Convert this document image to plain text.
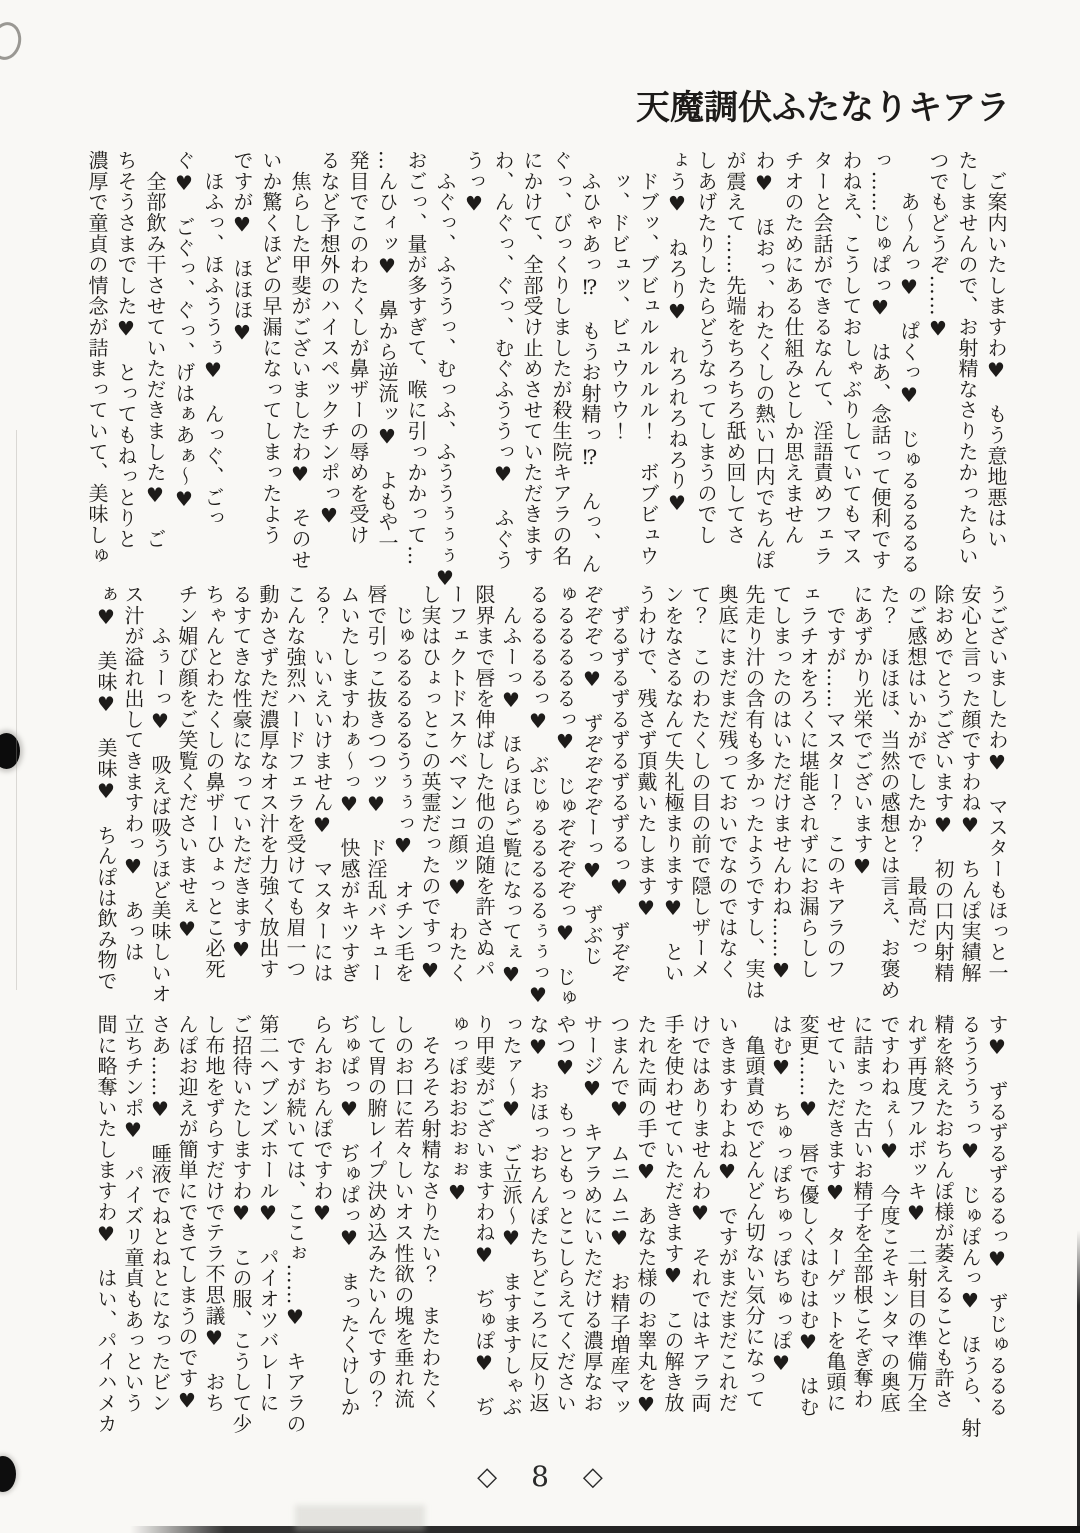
天魔調伏ふたなりキアラ
　ご案内いたしますわ♥　もう意地悪はい
たしませんので、お射精なさりたかったらい
つでもどうぞ……♥
　　あ〜んっ♥　ぱくっ♥　じゅるるるるる
っ……じゅぱっ♥　はあ、念話って便利です
わねえ、こうしておしゃぶりしていてもマス
ターと会話ができるなんて、淫語責めフェラ
チオのためにある仕組みとしか思えません
わ♥　ほおっ、わたくしの熱い口内でちんぽ
が震えて……先端をちろちろ舐め回してさ
しあげたりしたらどうなってしまうのでし
ょう♥　ねろり♥　れろれろねろり♥
　ドブッ、ブビュルルルルル！　ボブビュウ
　ッ、ドビュッ、ビュウウウ！
　ふひゃあっ⁉　もうお射精っ⁉　んっ、ん
ぐっ、びっくりしましたが殺生院キアラの名
にかけて、全部受け止めさせていただきます
わ、んぐっ、ぐっ、むぐふううっ♥　ふぐう
うっ♥
　ふぐっ、ふううっ、むっふ、ふううぅぅぅ♥
おごっ、量が多すぎて、喉に引っかかって…
…んひィッ♥　鼻から逆流ッ♥　よもや一
発目でこのわたくしが鼻ザーの辱めを受け
るなど予想外のハイスペックチンポっ♥
　焦らした甲斐がございましたわ♥　そのせ
いか驚くほどの早漏になってしまったよう
ですが♥　ほほほ♥
　ほふっ、ほふううぅ♥　んっぐ、ごっ
ぐ♥　ごぐっ、ぐっ、げはぁあぁ〜♥
　全部飲み干させていただきました♥　ご
ちそうさまでした♥　とってもねっとりと
濃厚で童貞の情念が詰まっていて、美味しゅ
うございましたわ♥　マスターもほっと一
安心と言った顔ですわね♥　ちんぽ実績解
除おめでとうございます♥　初の口内射精
のご感想はいかがでしたか？　最高だっ
た？　ほほほ、当然の感想とは言え、お褒め
にあずかり光栄でございます♥
　ですが……マスター？　このキアラのフ
ェラチオをろくに堪能されずにお漏らしし
てしまったのはいただけませんわね……♥
先走り汁の含有も多かったようですし、実は
奥底にまだまだ残っておいでなのではなく
て？　このわたくしの目の前で隠しザーメ
ンをなさるなんて失礼極まります♥　とい
うわけで、残さず頂戴いたします♥
　ずるずるずるずるずるずるっ♥　ずぞぞ
ぞぞぞっ♥　ずぞぞぞぞーっ♥　ずぶじ
ゅるるるるるっ♥　じゅぞぞぞぞっ♥　じゅ
るるるるるっ♥　ぶじゅるるるるるぅぅっ♥
　んふーっ♥　ほらほらご覧になってぇ♥
限界まで唇を伸ばした他の追随を許さぬパ
ーフェクトドスケベマンコ顔ッ♥　わたく
し実はひょっとこの英霊だったのですっ♥
　じゅるるるるるうぅぅっ♥　オチン毛を
唇で引っこ抜きつつッ♥　ド淫乱バキュー
ムいたしますわぁ〜っ♥　快感がキツすぎ
る？　いいえいけません♥　マスターには
こんな強烈ハードフェラを受けても眉一つ
動かさずただ濃厚なオス汁を力強く放出す
るすてきな性豪になっていただきます♥
ちゃんとわたくしの鼻ザーひょっとこ必死
チン媚び顔をご笑覧くださいませぇ♥
　　ふぅーっ♥　吸えば吸うほど美味しいオ
ス汁が溢れ出してきますわっ♥　あっは
ぁ♥　美味♥　美味♥　ちんぽは飲み物で
す♥　ずるずるずるるっ♥　ずじゅるるる
るうううぅっ♥　じゅぽんっ♥　ほうら、射
精を終えたおちんぽ様が萎えることも許さ
れず再度フルボッキ♥　二射目の準備万全
ですわねぇ〜♥　今度こそキンタマの奥底
に詰まった古いお精子を全部根こそぎ奪わ
せていただきます♥　ターゲットを亀頭に
変更……♥　唇で優しくはむはむ♥　はむ
はむ♥　ちゅっぽちゅっぽちゅっぽ♥
　亀頭責めでどんどん切ない気分になって
いきますわよね♥　ですがまだまだこれだ
けではありませんわ♥　それではキアラ両
手を使わせていただきます♥　この解き放
たれた両の手で♥　あなた様のお睾丸を♥
つまんで♥　ムニムニ♥　お精子増産マッ
サージ♥　キアラめにいただける濃厚なお
やつ♥　もっともっとこしらえてください
な♥　おほっおちんぽたちどころに反り返
ったァ〜♥　ご立派〜♥　ますますしゃぶ
り甲斐がございますわね♥　ぢゅぽ♥　ぢ
ゅっぽおおおぉぉ♥
　そろそろ射精なさりたい？　またわたく
しのお口に若々しいオス性欲の塊を垂れ流
して胃の腑レイプ決め込みたいんですの？
ぢゅぱっ♥　ぢゅぱっ♥　まったくけしか
らんおちんぽですわ♥
　ですが続いては、ここぉ……♥　キアラの
第二ヘブンズホール♥　パイオツバレーに
ご招待いたしますわ♥　この服、こうして少
し布地をずらすだけでテラ不思議♥　おち
んぽお迎えが簡単にできてしまうのです♥
さあ……♥　唾液でねとねとになったビン
立ちチンポ♥　パイズリ童貞もあっという
間に略奪いたしますわ♥　はい、パイハメカ
◇ 8 ◇
